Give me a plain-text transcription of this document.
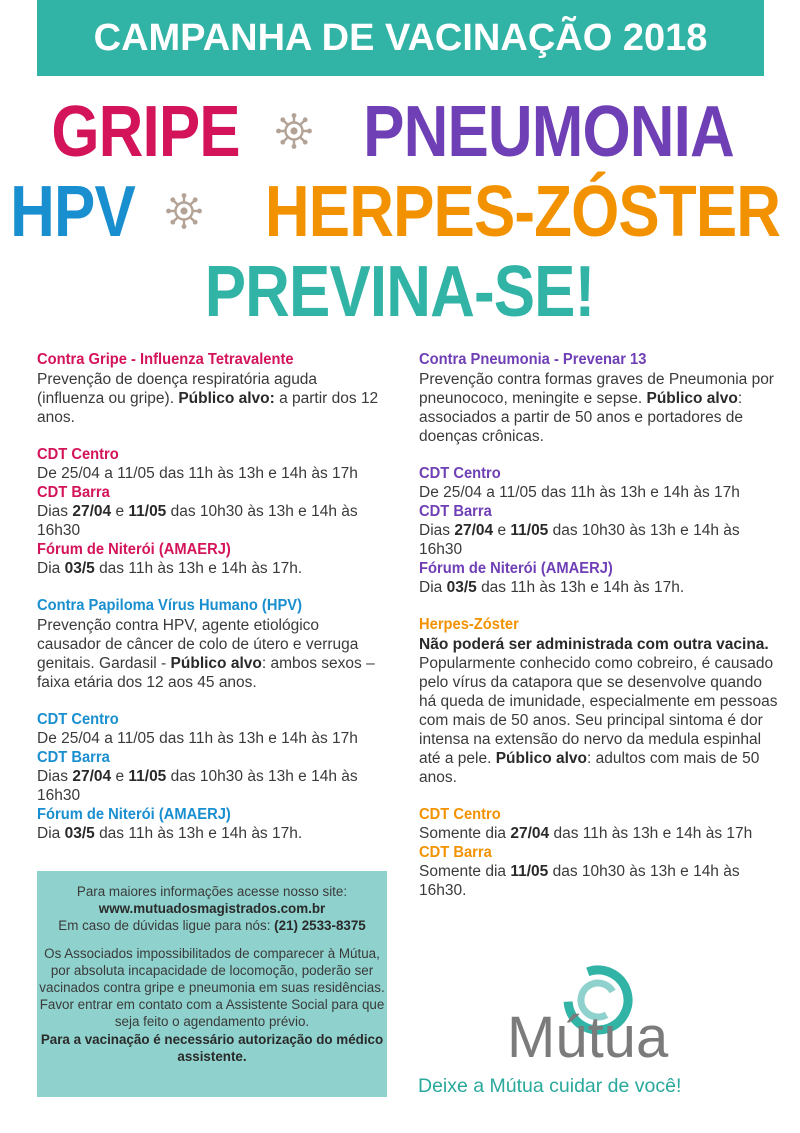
CAMPANHA DE VACINAÇÃO 2018
GRIPE PNEUMONIA
HPV HERPES-ZÓSTER
PREVINA-SE!
Contra Gripe - Influenza Tetravalente
Prevenção de doença respiratória aguda (influenza ou gripe). Público alvo: a partir dos 12 anos.
CDT Centro
De 25/04 a 11/05 das 11h às 13h e 14h às 17h
CDT Barra
Dias 27/04 e 11/05 das 10h30 às 13h e 14h às 16h30
Fórum de Niterói (AMAERJ)
Dia 03/5 das 11h às 13h e 14h às 17h.
Contra Papiloma Vírus Humano (HPV)
Prevenção contra HPV, agente etiológico causador de câncer de colo de útero e verruga genitais. Gardasil - Público alvo: ambos sexos – faixa etária dos 12 aos 45 anos.
CDT Centro
De 25/04 a 11/05 das 11h às 13h e 14h às 17h
CDT Barra
Dias 27/04 e 11/05 das 10h30 às 13h e 14h às 16h30
Fórum de Niterói (AMAERJ)
Dia 03/5 das 11h às 13h e 14h às 17h.
Contra Pneumonia - Prevenar 13
Prevenção contra formas graves de Pneumonia por pneunococo, meningite e sepse. Público alvo: associados a partir de 50 anos e portadores de doenças crônicas.
CDT Centro
De 25/04 a 11/05 das 11h às 13h e 14h às 17h
CDT Barra
Dias 27/04 e 11/05 das 10h30 às 13h e 14h às 16h30
Fórum de Niterói (AMAERJ)
Dia 03/5 das 11h às 13h e 14h às 17h.
Herpes-Zóster
Não poderá ser administrada com outra vacina. Popularmente conhecido como cobreiro, é causado pelo vírus da catapora que se desenvolve quando há queda de imunidade, especialmente em pessoas com mais de 50 anos. Seu principal sintoma é dor intensa na extensão do nervo da medula espinhal até a pele. Público alvo: adultos com mais de 50 anos.
CDT Centro
Somente dia 27/04 das 11h às 13h e 14h às 17h
CDT Barra
Somente dia 11/05 das 10h30 às 13h e 14h às 16h30.
Para maiores informações acesse nosso site:
www.mutuadosmagistrados.com.br
Em caso de dúvidas ligue para nós: (21) 2533-8375
Os Associados impossibilitados de comparecer à Mútua, por absoluta incapacidade de locomoção, poderão ser vacinados contra gripe e pneumonia em suas residências.
Favor entrar em contato com a Assistente Social para que seja feito o agendamento prévio.
Para a vacinação é necessário autorização do médico assistente.	Mútua
Deixe a Mútua cuidar de você!
